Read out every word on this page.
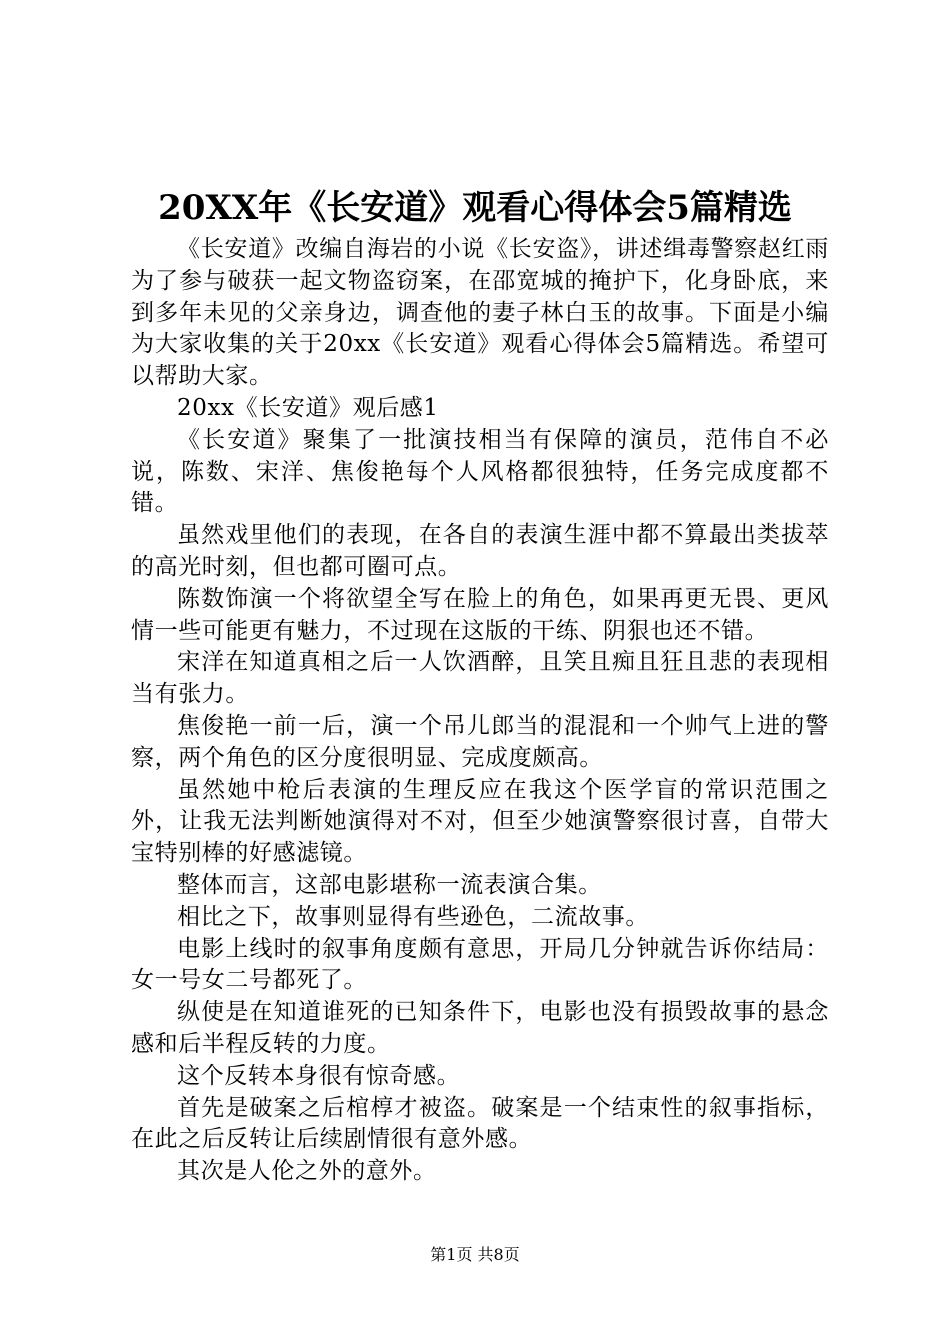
20XX年《长安道》观看心得体会5篇精选

《长安道》改编自海岩的小说《长安盗》，讲述缉毒警察赵红雨为了参与破获一起文物盗窃案，在邵宽城的掩护下，化身卧底，来到多年未见的父亲身边，调查他的妻子林白玉的故事。下面是小编为大家收集的关于20xx《长安道》观看心得体会5篇精选。希望可以帮助大家。

20xx《长安道》观后感1

《长安道》聚集了一批演技相当有保障的演员，范伟自不必说，陈数、宋洋、焦俊艳每个人风格都很独特，任务完成度都不错。

虽然戏里他们的表现，在各自的表演生涯中都不算最出类拔萃的高光时刻，但也都可圈可点。

陈数饰演一个将欲望全写在脸上的角色，如果再更无畏、更风情一些可能更有魅力，不过现在这版的干练、阴狠也还不错。

宋洋在知道真相之后一人饮酒醉，且笑且痴且狂且悲的表现相当有张力。

焦俊艳一前一后，演一个吊儿郎当的混混和一个帅气上进的警察，两个角色的区分度很明显、完成度颇高。

虽然她中枪后表演的生理反应在我这个医学盲的常识范围之外，让我无法判断她演得对不对，但至少她演警察很讨喜，自带大宝特别棒的好感滤镜。

整体而言，这部电影堪称一流表演合集。

相比之下，故事则显得有些逊色，二流故事。

电影上线时的叙事角度颇有意思，开局几分钟就告诉你结局：女一号女二号都死了。

纵使是在知道谁死的已知条件下，电影也没有损毁故事的悬念感和后半程反转的力度。

这个反转本身很有惊奇感。

首先是破案之后棺椁才被盗。破案是一个结束性的叙事指标，在此之后反转让后续剧情很有意外感。

其次是人伦之外的意外。

第1页 共8页
